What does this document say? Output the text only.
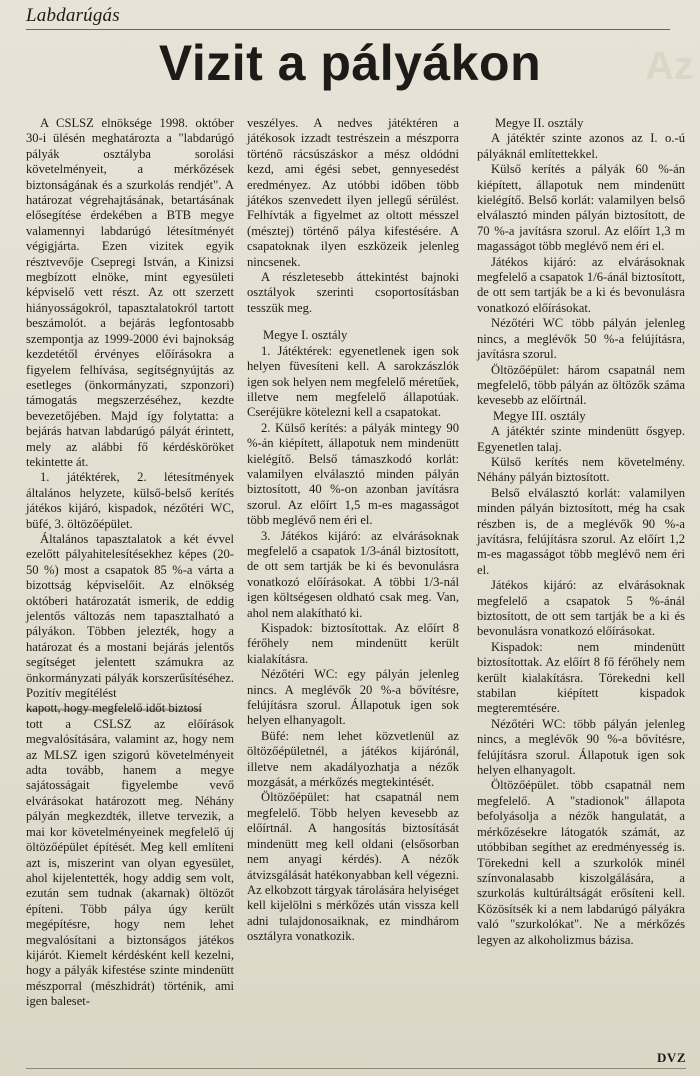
Az
Labdarúgás
Vizit a pályákon

A CSLSZ elnöksége 1998. október 30-i ülésén meghatározta a "labdarúgó pályák osztályba sorolási követelményeit, a mérkőzések biztonságának és a szurkolás rendjét". A határozat végrehajtásának, betartásának elősegítése érdekében a BTB megye valamennyi labdarúgó létesítményét végigjárta. Ezen vizitek egyik résztvevője Csepregi István, a Kinizsi megbízott elnöke, mint egyesületi képviselő vett részt. Az ott szerzett hiányosságokról, tapasztalatokról tartott beszámolót. a bejárás legfontosabb szempontja az 1999-2000 évi bajnokság kezdetétől érvényes előírásokra a figyelem felhívása, segítségnyújtás az esetleges (önkormányzati, szponzori) támogatás megszerzéséhez, kezdte bevezetőjében. Majd így folytatta: a bejárás hatvan labdarúgó pályát érintett, mely az alábbi fő kérdésköröket tekintette át.

1. játéktérek, 2. létesítmények általános helyzete, külső-belső kerítés játékos kijáró, kispadok, nézőtéri WC, büfé, 3. öltözőépület.

Általános tapasztalatok a két évvel ezelőtt pályahitelesítésekhez képes (20-50 %) most a csapatok 85 %-a várta a bizottság képviselőit. Az elnökség októberi határozatát ismerik, de eddig jelentős változás nem tapasztalható a pályákon. Többen jelezték, hogy a határozat és a mostani bejárás jelentős segítséget jelentett számukra az önkormányzati pályák korszerűsítéséhez. Pozitív megítélést

kapott, hogy megfelelő időt biztosí

tott a CSLSZ az előírások megvalósítására, valamint az, hogy nem az MLSZ igen szigorú követelményeit adta tovább, hanem a megye sajátosságait figyelembe vevő elvárásokat határozott meg. Néhány pályán megkezdték, illetve tervezik, a mai kor követelményeinek megfelelő új öltözőépület építését. Meg kell említeni azt is, miszerint van olyan egyesület, ahol kijelentették, hogy addig sem volt, ezután sem tudnak (akarnak) öltözőt építeni. Több pálya úgy került megépítésre, hogy nem lehet megvalósítani a biztonságos játékos kijárót. Kiemelt kérdésként kell kezelni, hogy a pályák kifestése szinte mindenütt mészporral (mészhidrát) történik, ami igen baleset-

veszélyes. A nedves játéktéren a játékosok izzadt testrészein a mészporra történő rácsúszáskor a mész oldódni kezd, ami égési sebet, gennyesedést eredményez. Az utóbbi időben több játékos szenvedett ilyen jellegű sérülést. Felhívták a figyelmet az oltott mésszel (mésztej) történő pálya kifestésére. A csapatoknak ilyen eszközeik jelenleg nincsenek.

A részletesebb áttekintést bajnoki osztályok szerinti csoportosításban tesszük meg.

Megye I. osztály

1. Játéktérek: egyenetlenek igen sok helyen füvesíteni kell. A sarokzászlók igen sok helyen nem megfelelő méretűek, illetve nem megfelelő állapotúak. Cseréjükre kötelezni kell a csapatokat.

2. Külső kerítés: a pályák mintegy 90 %-án kiépített, állapotuk nem mindenütt kielégítő. Belső támaszkodó korlát: valamilyen elválasztó minden pályán biztosított, 40 %-on azonban javításra szorul. Az előírt 1,5 m-es magasságot több meglévő nem éri el.

3. Játékos kijáró: az elvárásoknak megfelelő a csapatok 1/3-ánál biztosított, de ott sem tartják be ki és bevonulásra vonatkozó előírásokat. A többi 1/3-nál igen költségesen oldható csak meg. Van, ahol nem alakítható ki.

Kispadok: biztosítottak. Az előírt 8 férőhely nem mindenütt került kialakításra.

Nézőtéri WC: egy pályán jelenleg nincs. A meglévők 20 %-a bővítésre, felújításra szorul. Állapotuk igen sok helyen elhanyagolt.

Büfé: nem lehet közvetlenül az öltözőépületnél, a játékos kijárónál, illetve nem akadályozhatja a nézők mozgását, a mérkőzés megtekintését.

Öltözőépület: hat csapatnál nem megfelelő. Több helyen kevesebb az előírtnál. A hangosítás biztosítását mindenütt meg kell oldani (elsősorban nem anyagi kérdés). A nézők átvizsgálását hatékonyabban kell végezni. Az elkobzott tárgyak tárolására helyiséget kell kijelölni s mérkőzés után vissza kell adni tulajdonosaiknak, ez mindhárom osztályra vonatkozik.

Megye II. osztály

A játéktér szinte azonos az I. o.-ú pályáknál említettekkel.

Külső kerítés a pályák 60 %-án kiépített, állapotuk nem mindenütt kielégítő. Belső korlát: valamilyen belső elválasztó minden pályán biztosított, de 70 %-a javításra szorul. Az előírt 1,3 m magasságot több meglévő nem éri el.

Játékos kijáró: az elvárásoknak megfelelő a csapatok 1/6-ánál biztosított, de ott sem tartják be a ki és bevonulásra vonatkozó előírásokat.

Nézőtéri WC több pályán jelenleg nincs, a meglévők 50 %-a felújításra, javításra szorul.

Öltözőépület: három csapatnál nem megfelelő, több pályán az öltözők száma kevesebb az előírtnál.

Megye III. osztály

A játéktér szinte mindenütt ősgyep. Egyenetlen talaj.

Külső kerítés nem követelmény. Néhány pályán biztosított.

Belső elválasztó korlát: valamilyen minden pályán biztosított, még ha csak részben is, de a meglévők 90 %-a javításra, felújításra szorul. Az előírt 1,2 m-es magasságot több meglévő nem éri el.

Játékos kijáró: az elvárásoknak megfelelő a csapatok 5 %-ánál biztosított, de ott sem tartják be a ki és bevonulásra vonatkozó előírásokat.

Kispadok: nem mindenütt biztosítottak. Az előírt 8 fő férőhely nem került kialakításra. Törekedni kell stabilan kiépített kispadok megteremtésére.

Nézőtéri WC: több pályán jelenleg nincs, a meglévők 90 %-a bővítésre, felújításra szorul. Állapotuk igen sok helyen elhanyagolt.

Öltözőépület. több csapatnál nem megfelelő. A "stadionok" állapota befolyásolja a nézők hangulatát, a mérkőzésekre látogatók számát, az utóbbiban segíthet az eredményesség is. Törekedni kell a szurkolók minél színvonalasabb kiszolgálására, a szurkolás kultúráltságát erősíteni kell. Közösítsék ki a nem labdarúgó pályákra való "szurkolókat". Ne a mérkőzés legyen az alkoholizmus bázisa.

DVZ
